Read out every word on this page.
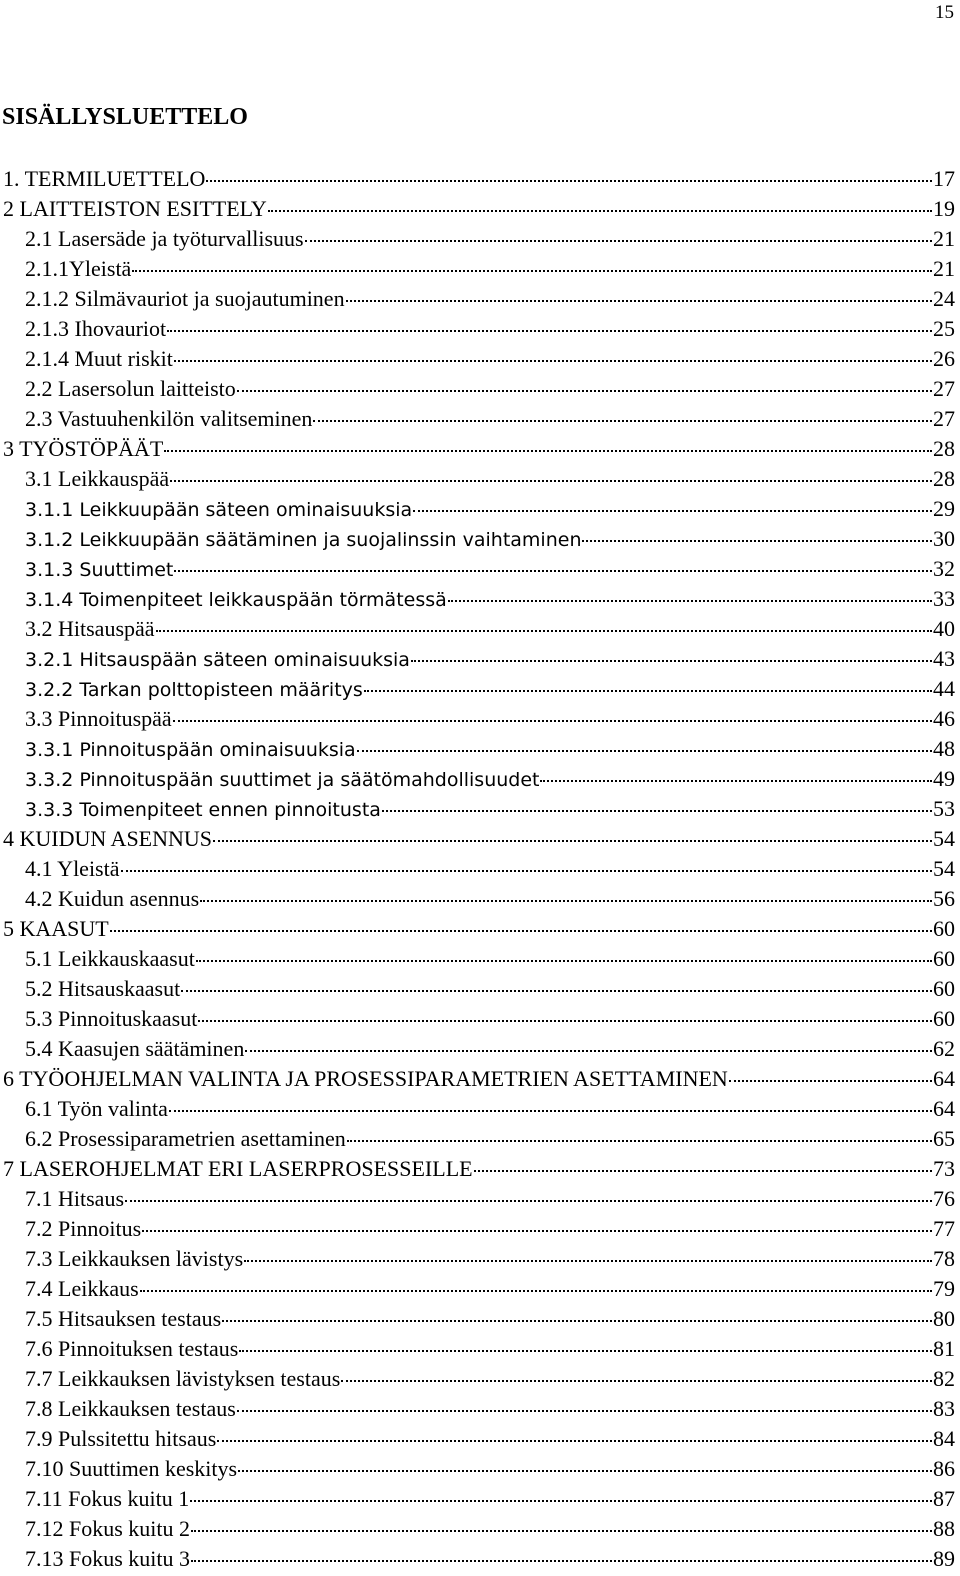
15
SISÄLLYSLUETTELO
1. TERMILUETTELO	17
2 LAITTEISTON ESITTELY	19
2.1 Lasersäde ja työturvallisuus	21
2.1.1Yleistä	21
2.1.2 Silmävauriot ja suojautuminen	24
2.1.3 Ihovauriot	25
2.1.4 Muut riskit	26
2.2 Lasersolun laitteisto	27
2.3 Vastuuhenkilön valitseminen	27
3 TYÖSTÖPÄÄT	28
3.1 Leikkauspää	28
3.1.1 Leikkuupään säteen ominaisuuksia	29
3.1.2 Leikkuupään säätäminen ja suojalinssin vaihtaminen	30
3.1.3 Suuttimet	32
3.1.4 Toimenpiteet leikkauspään törmätessä	33
3.2 Hitsauspää	40
3.2.1 Hitsauspään säteen ominaisuuksia	43
3.2.2 Tarkan polttopisteen määritys	44
3.3 Pinnoituspää	46
3.3.1 Pinnoituspään ominaisuuksia	48
3.3.2 Pinnoituspään suuttimet ja säätömahdollisuudet	49
3.3.3 Toimenpiteet ennen pinnoitusta	53
4 KUIDUN ASENNUS	54
4.1 Yleistä	54
4.2 Kuidun asennus	56
5 KAASUT	60
5.1 Leikkauskaasut	60
5.2 Hitsauskaasut	60
5.3 Pinnoituskaasut	60
5.4 Kaasujen säätäminen	62
6 TYÖOHJELMAN VALINTA JA PROSESSIPARAMETRIEN ASETTAMINEN	64
6.1 Työn valinta	64
6.2 Prosessiparametrien asettaminen	65
7 LASEROHJELMAT ERI LASERPROSESSEILLE	73
7.1 Hitsaus	76
7.2 Pinnoitus	77
7.3 Leikkauksen lävistys	78
7.4 Leikkaus	79
7.5 Hitsauksen testaus	80
7.6 Pinnoituksen testaus	81
7.7 Leikkauksen lävistyksen testaus	82
7.8 Leikkauksen testaus	83
7.9 Pulssitettu hitsaus	84
7.10 Suuttimen keskitys	86
7.11 Fokus kuitu 1	87
7.12 Fokus kuitu 2	88
7.13 Fokus kuitu 3	89
